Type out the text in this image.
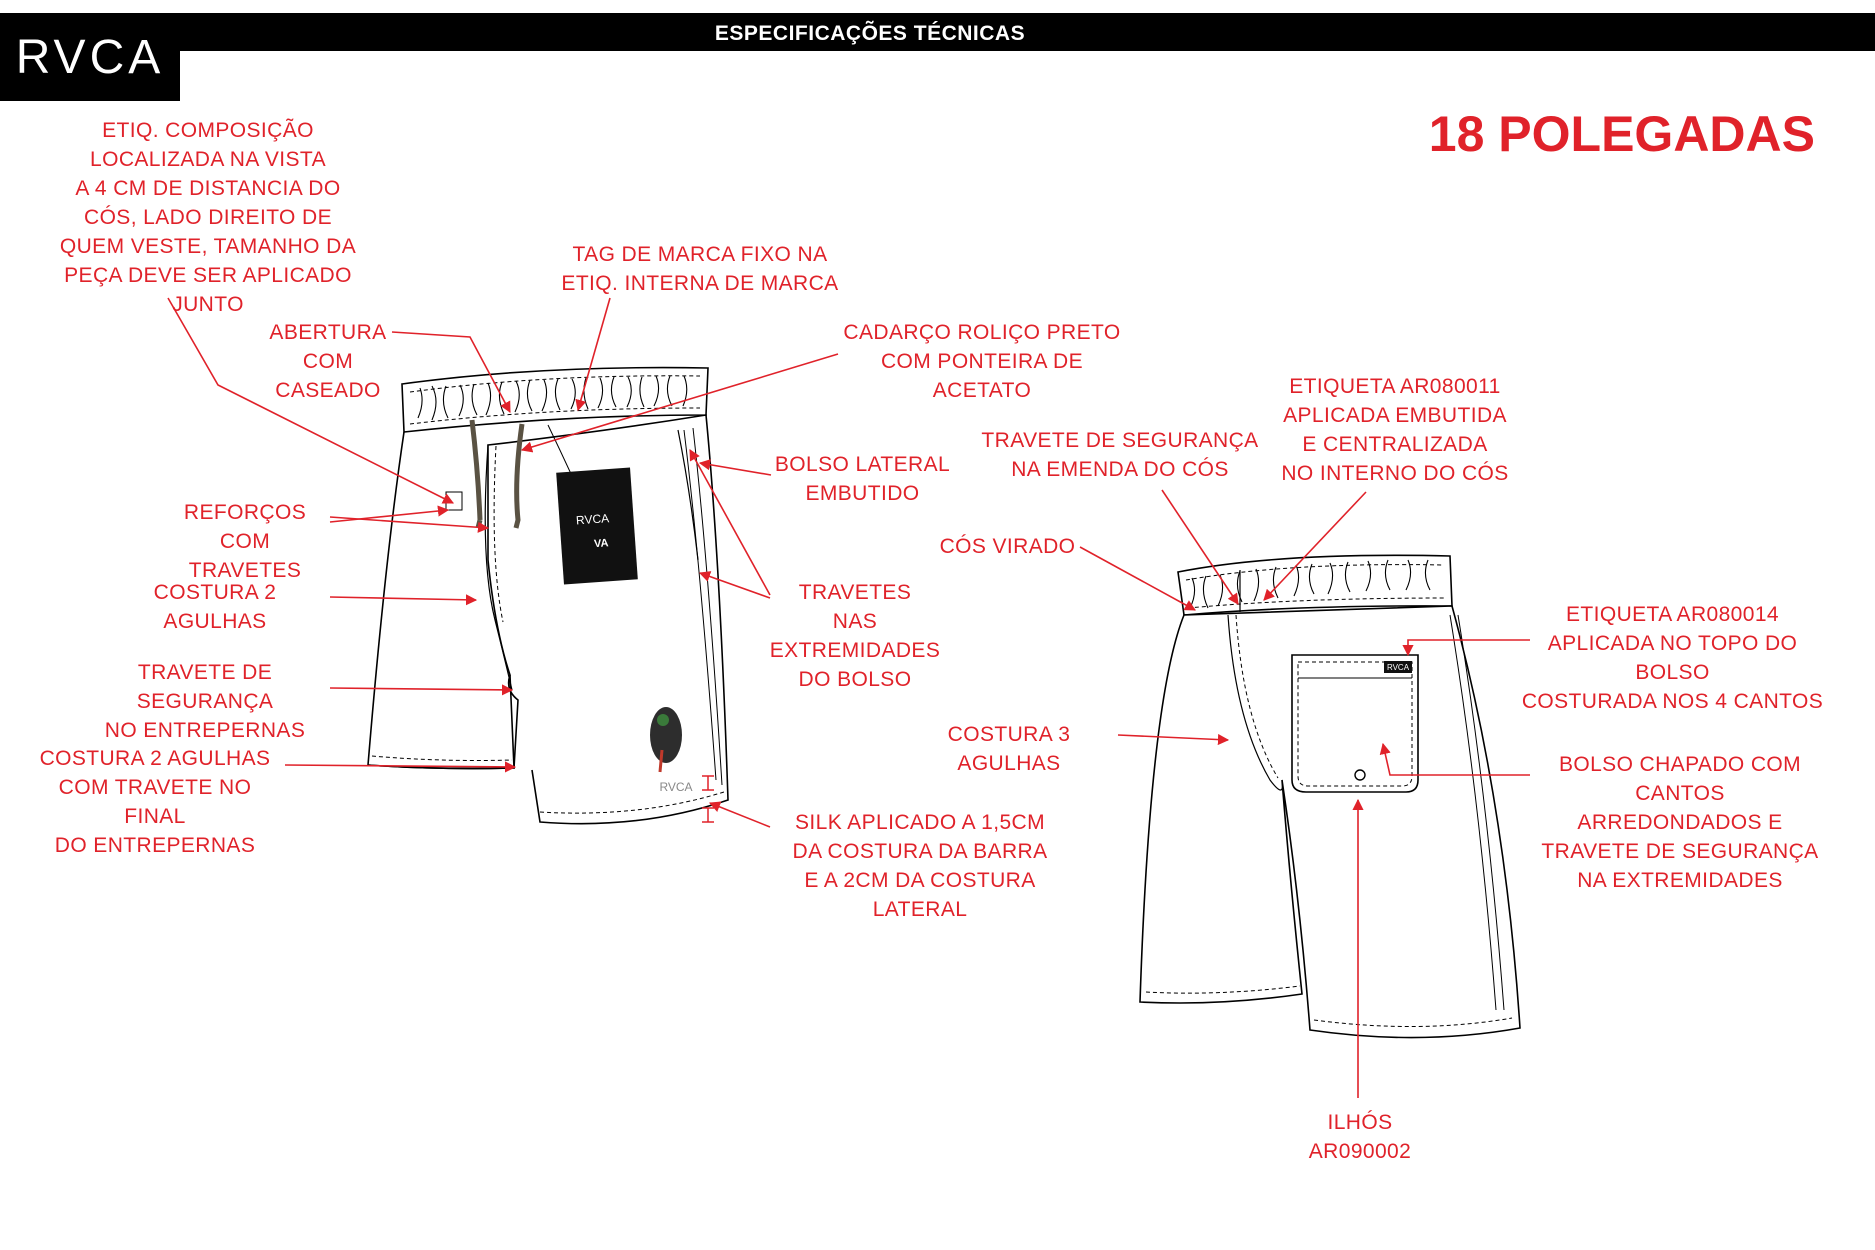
ESPECIFICAÇÕES TÉCNICAS
RVCA
18 POLEGADAS
RVCA
VA
RVCA
RVCA
ETIQ. COMPOSIÇÃO
LOCALIZADA NA VISTA
A 4 CM DE DISTANCIA DO
CÓS, LADO DIREITO DE
QUEM VESTE, TAMANHO DA
PEÇA DEVE SER APLICADO JUNTO
TAG DE MARCA FIXO NA
ETIQ. INTERNA DE MARCA
ABERTURA
COM CASEADO
CADARÇO ROLIÇO PRETO
COM PONTEIRA DE ACETATO
BOLSO LATERAL
EMBUTIDO
REFORÇOS COM
TRAVETES
COSTURA 2 AGULHAS
TRAVETES
NAS EXTREMIDADES
DO BOLSO
TRAVETE DE SEGURANÇA
NO ENTREPERNAS
COSTURA 2 AGULHAS
COM TRAVETE NO FINAL
DO ENTREPERNAS
SILK APLICADO A 1,5CM
DA COSTURA DA BARRA
E A 2CM DA COSTURA LATERAL
ETIQUETA AR080011
APLICADA EMBUTIDA
E CENTRALIZADA
NO INTERNO DO CÓS
TRAVETE DE SEGURANÇA
NA EMENDA DO CÓS
CÓS VIRADO
ETIQUETA AR080014
APLICADA NO TOPO DO BOLSO
COSTURADA NOS 4 CANTOS
COSTURA 3 AGULHAS	BOLSO CHAPADO COM CANTOS
ARREDONDADOS E
TRAVETE DE SEGURANÇA
NA EXTREMIDADES
ILHÓS AR090002
